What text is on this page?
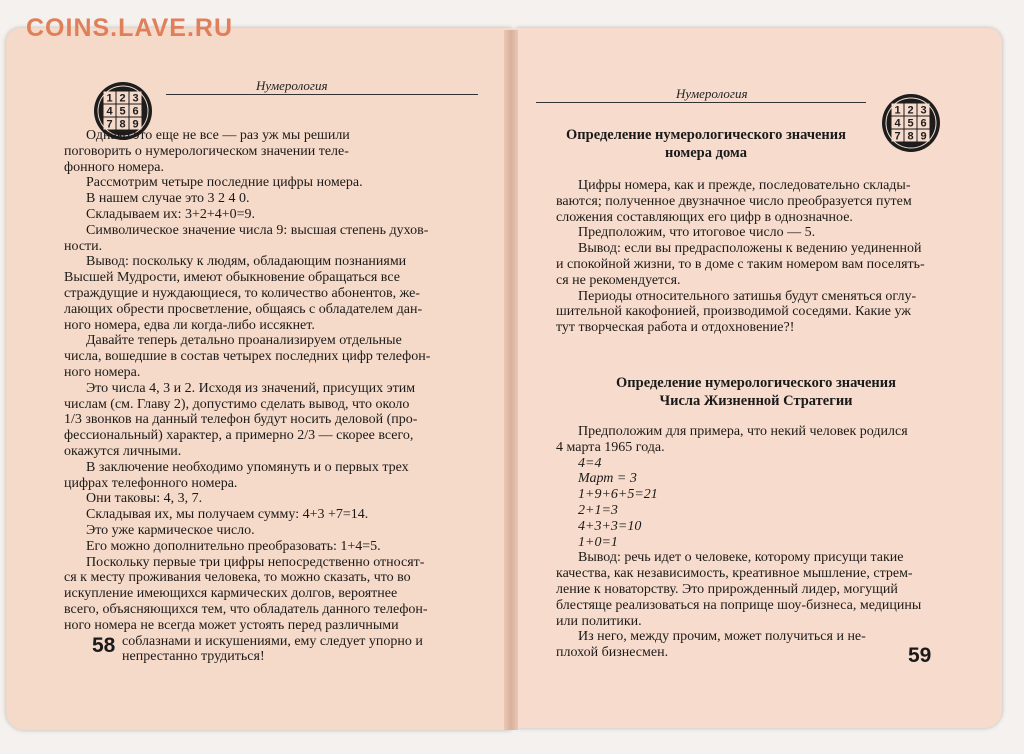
COINS.LAVE.RU
Нумерология
1 2 3
4 5 6
7 8 9

Однако это еще не все — раз уж мы решили

поговорить о нумерологическом значении теле-

фонного номера.

Рассмотрим четыре последние цифры номера.

В нашем случае это 3 2 4 0.

Складываем их: 3+2+4+0=9.

Символическое значение числа 9: высшая степень духов-

ности.

Вывод: поскольку к людям, обладающим познаниями

Высшей Мудрости, имеют обыкновение обращаться все

страждущие и нуждающиеся, то количество абонентов, же-

лающих обрести просветление, общаясь с обладателем дан-

ного номера, едва ли когда-либо иссякнет.

Давайте теперь детально проанализируем отдельные

числа, вошедшие в состав четырех последних цифр телефон-

ного номера.

Это числа 4, 3 и 2. Исходя из значений, присущих этим

числам (см. Главу 2), допустимо сделать вывод, что около

1/3 звонков на данный телефон будут носить деловой (про-

фессиональный) характер, а примерно 2/3 — скорее всего,

окажутся личными.

В заключение необходимо упомянуть и о первых трех

цифрах телефонного номера.

Они таковы: 4, 3, 7.

Складывая их, мы получаем сумму: 4+3 +7=14.

Это уже кармическое число.

Его можно дополнительно преобразовать: 1+4=5.

Поскольку первые три цифры непосредственно относят-

ся к месту проживания человека, то можно сказать, что во

искупление имеющихся кармических долгов, вероятнее

всего, объясняющихся тем, что обладатель данного телефон-

ного номера не всегда может устоять перед различными

соблазнами и искушениями, ему следует упорно и

непрестанно трудиться!

58
Нумерология
1 2 3
4 5 6
7 8 9
Определение нумерологического значения
номера дома

Цифры номера, как и прежде, последовательно склады-

ваются; полученное двузначное число преобразуется путем

сложения составляющих его цифр в однозначное.

Предположим, что итоговое число — 5.

Вывод: если вы предрасположены к ведению уединенной

и спокойной жизни, то в доме с таким номером вам поселять-

ся не рекомендуется.

Периоды относительного затишья будут сменяться оглу-

шительной какофонией, производимой соседями. Какие уж

тут творческая работа и отдохновение?!

Определение нумерологического значения
Числа Жизненной Стратегии

Предположим для примера, что некий человек родился

4 марта 1965 года.

4=4

Март = 3

1+9+6+5=21

2+1=3

4+3+3=10

1+0=1

Вывод: речь идет о человеке, которому присущи такие

качества, как независимость, креативное мышление, стрем-

ление к новаторству. Это прирожденный лидер, могущий

блестяще реализоваться на поприще шоу-бизнеса, медицины

или политики.

Из него, между прочим, может получиться и не-

плохой бизнесмен.	59
